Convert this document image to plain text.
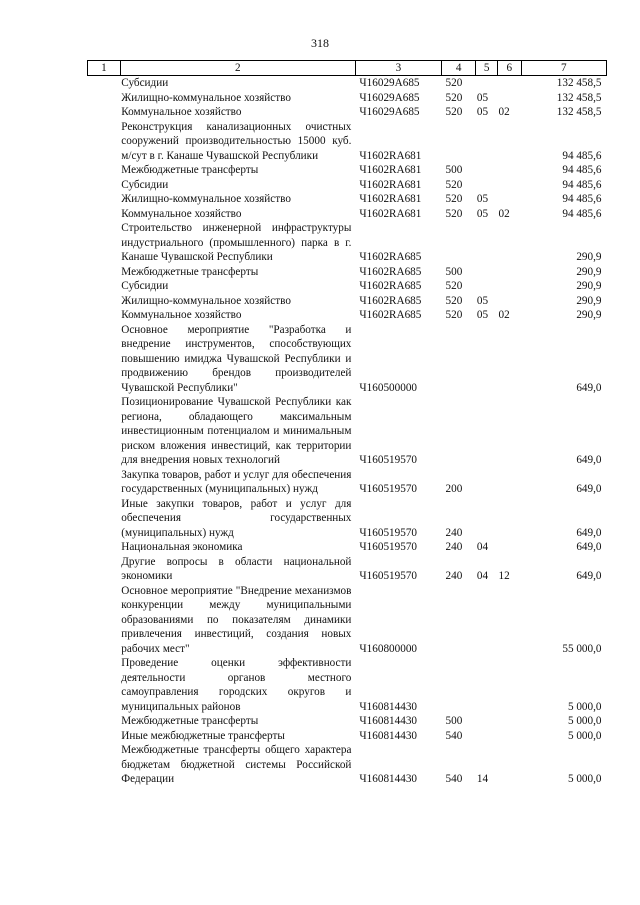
318
1	2	3	4	5	6	7
	Субсидии	Ч16029А685	520			132 458,5
	Жилищно-коммунальное хозяйство	Ч16029А685	520	05		132 458,5
	Коммунальное хозяйство	Ч16029А685	520	05	02	132 458,5
	Реконструкция канализационных очистных сооружений производительностью 15000 куб. м/сут в г. Канаше Чувашской Республики	Ч1602RA681				94 485,6
	Межбюджетные трансферты	Ч1602RA681	500			94 485,6
	Субсидии	Ч1602RA681	520			94 485,6
	Жилищно-коммунальное хозяйство	Ч1602RA681	520	05		94 485,6
	Коммунальное хозяйство	Ч1602RA681	520	05	02	94 485,6
	Строительство инженерной инфраструктуры индустриального (промышленного) парка в г. Канаше Чувашской Республики	Ч1602RA685				290,9
	Межбюджетные трансферты	Ч1602RA685	500			290,9
	Субсидии	Ч1602RA685	520			290,9
	Жилищно-коммунальное хозяйство	Ч1602RA685	520	05		290,9
	Коммунальное хозяйство	Ч1602RA685	520	05	02	290,9
	Основное мероприятие "Разработка и внедрение инструментов, способствующих повышению имиджа Чувашской Республики и продвижению брендов производителей Чувашской Республики"	Ч160500000				649,0
	Позиционирование Чувашской Республики как региона, обладающего максимальным инвестиционным потенциалом и минимальным риском вложения инвестиций, как территории для внедрения новых технологий	Ч160519570				649,0
	Закупка товаров, работ и услуг для обеспечения государственных (муниципальных) нужд	Ч160519570	200			649,0
	Иные закупки товаров, работ и услуг для обеспечения государственных (муниципальных) нужд	Ч160519570	240			649,0
	Национальная экономика	Ч160519570	240	04		649,0
	Другие вопросы в области национальной экономики	Ч160519570	240	04	12	649,0
	Основное мероприятие "Внедрение механизмов конкуренции между муниципальными образованиями по показателям динамики привлечения инвестиций, создания новых рабочих мест"	Ч160800000				55 000,0
	Проведение оценки эффективности деятельности органов местного самоуправления городских округов и муниципальных районов	Ч160814430				5 000,0
	Межбюджетные трансферты	Ч160814430	500			5 000,0
	Иные межбюджетные трансферты	Ч160814430	540			5 000,0
	Межбюджетные трансферты общего характера бюджетам бюджетной системы Российской Федерации	Ч160814430	540	14		5 000,0
